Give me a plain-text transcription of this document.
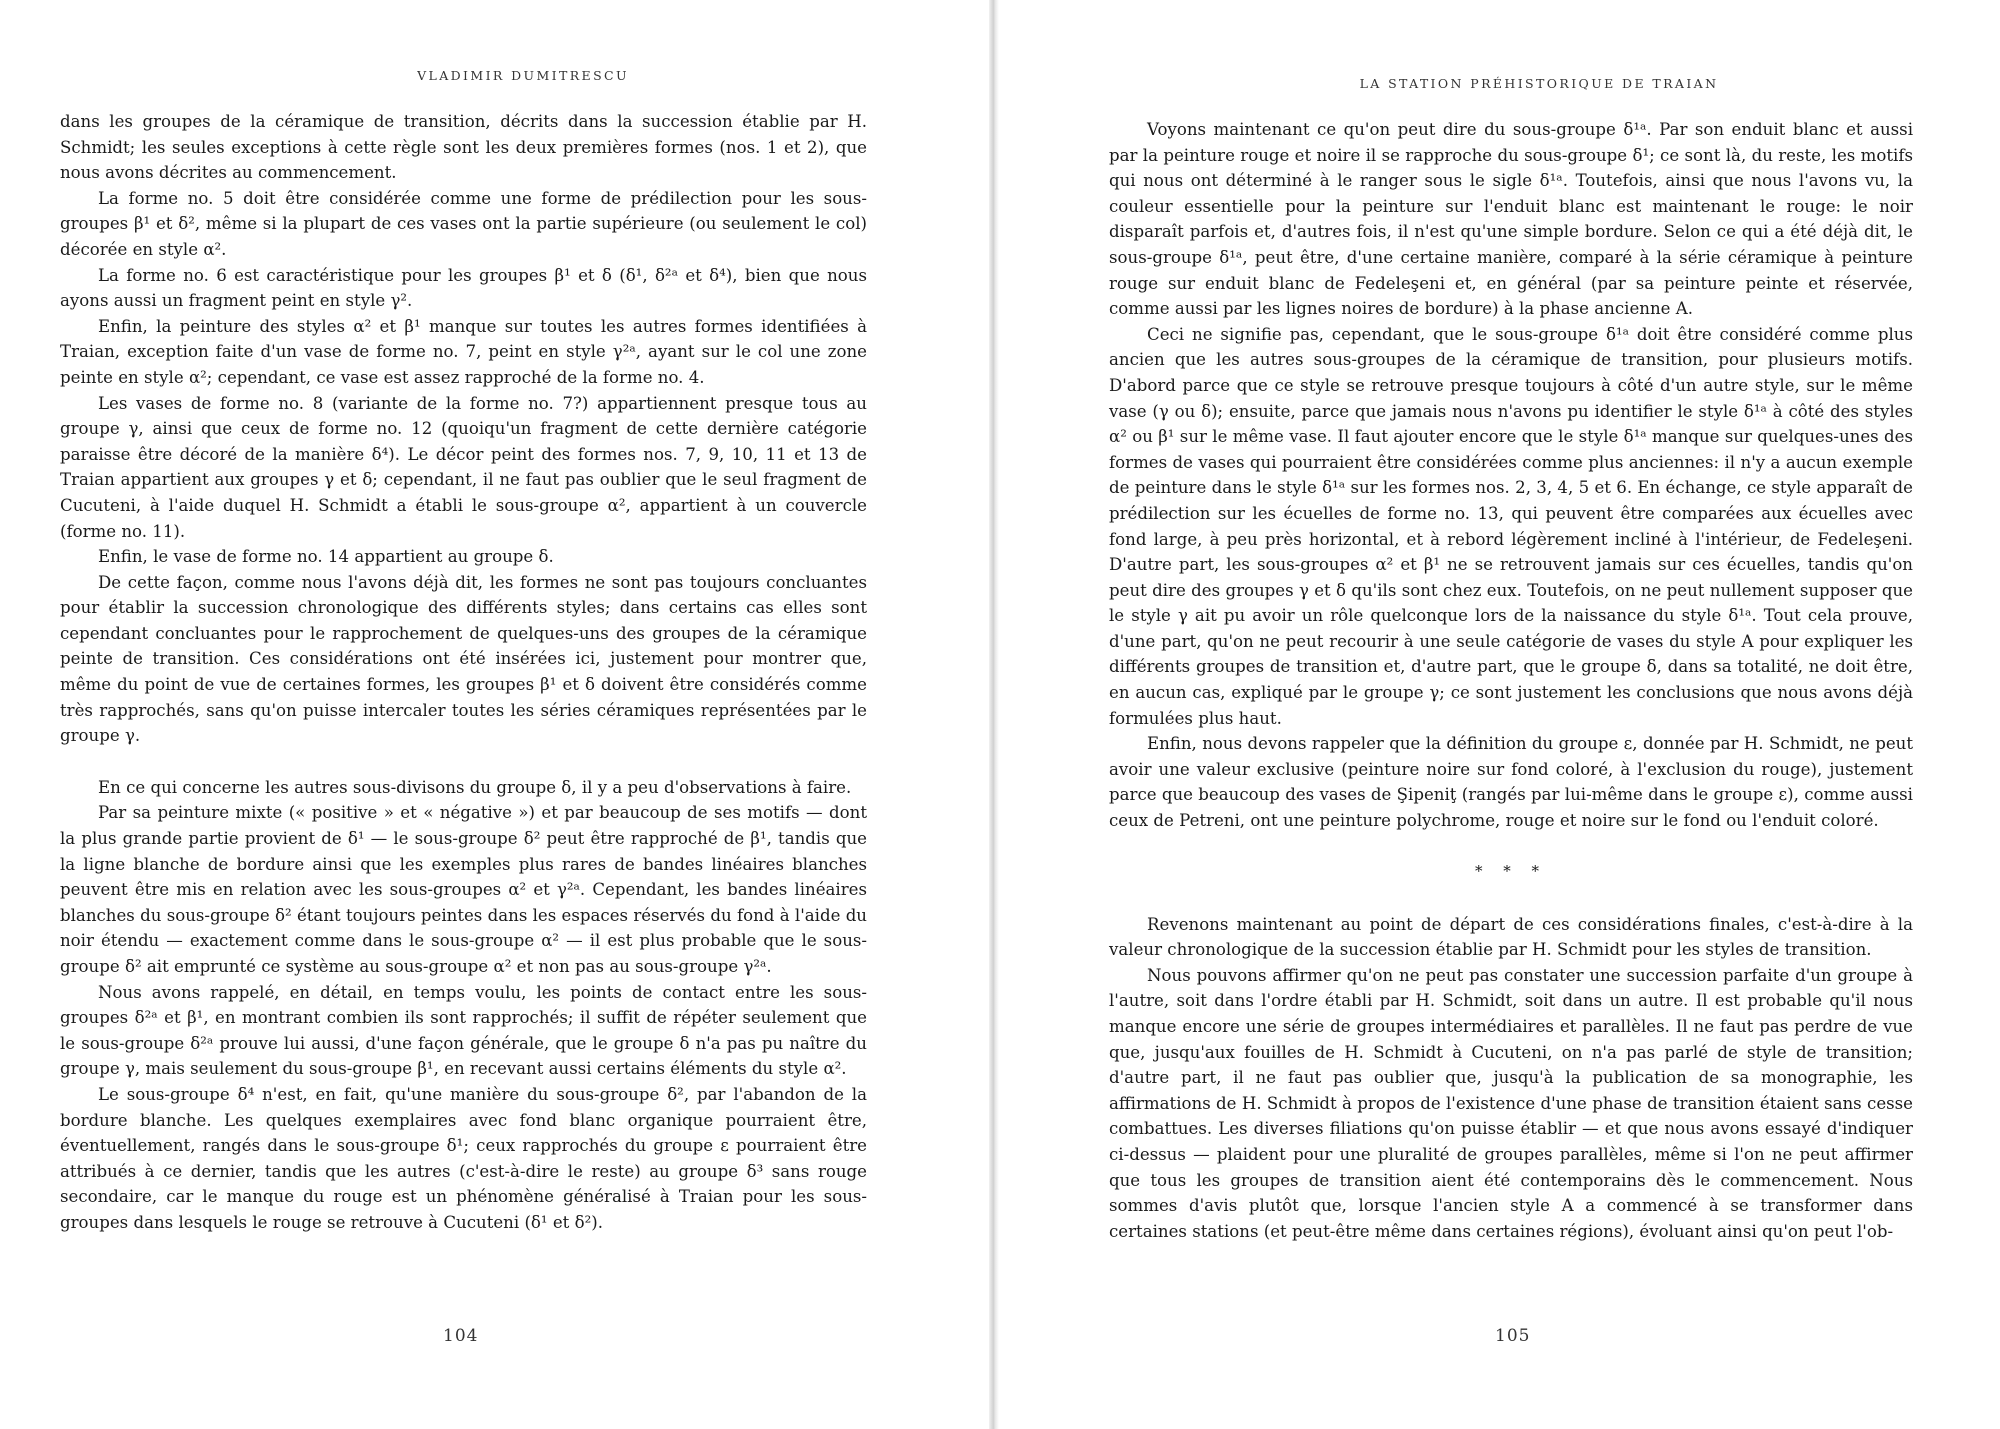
VLADIMIR DUMITRESCU

dans les groupes de la céramique de transition, décrits dans la succession établie par H. Schmidt; les seules exceptions à cette règle sont les deux premières formes (nos. 1 et 2), que nous avons décrites au commencement.

La forme no. 5 doit être considérée comme une forme de prédilection pour les sous-groupes β¹ et δ², même si la plupart de ces vases ont la partie supérieure (ou seulement le col) décorée en style α².

La forme no. 6 est caractéristique pour les groupes β¹ et δ (δ¹, δ²ᵃ et δ⁴), bien que nous ayons aussi un fragment peint en style γ².

Enfin, la peinture des styles α² et β¹ manque sur toutes les autres formes identifiées à Traian, exception faite d'un vase de forme no. 7, peint en style γ²ᵃ, ayant sur le col une zone peinte en style α²; cependant, ce vase est assez rapproché de la forme no. 4.

Les vases de forme no. 8 (variante de la forme no. 7?) appartiennent presque tous au groupe γ, ainsi que ceux de forme no. 12 (quoiqu'un fragment de cette dernière catégorie paraisse être décoré de la manière δ⁴). Le décor peint des formes nos. 7, 9, 10, 11 et 13 de Traian appartient aux groupes γ et δ; cependant, il ne faut pas oublier que le seul fragment de Cucuteni, à l'aide duquel H. Schmidt a établi le sous-groupe α², appartient à un couvercle (forme no. 11).

Enfin, le vase de forme no. 14 appartient au groupe δ.

De cette façon, comme nous l'avons déjà dit, les formes ne sont pas toujours concluantes pour établir la succession chronologique des différents styles; dans certains cas elles sont cependant concluantes pour le rapprochement de quelques-uns des groupes de la céramique peinte de transition. Ces considérations ont été insérées ici, justement pour montrer que, même du point de vue de certaines formes, les groupes β¹ et δ doivent être considérés comme très rapprochés, sans qu'on puisse intercaler toutes les séries céramiques représentées par le groupe γ.

En ce qui concerne les autres sous-divisons du groupe δ, il y a peu d'observations à faire.

Par sa peinture mixte (« positive » et « négative ») et par beaucoup de ses motifs — dont la plus grande partie provient de δ¹ — le sous-groupe δ² peut être rapproché de β¹, tandis que la ligne blanche de bordure ainsi que les exemples plus rares de bandes linéaires blanches peuvent être mis en relation avec les sous-groupes α² et γ²ᵃ. Cependant, les bandes linéaires blanches du sous-groupe δ² étant toujours peintes dans les espaces réservés du fond à l'aide du noir étendu — exactement comme dans le sous-groupe α² — il est plus probable que le sous-groupe δ² ait emprunté ce système au sous-groupe α² et non pas au sous-groupe γ²ᵃ.

Nous avons rappelé, en détail, en temps voulu, les points de contact entre les sous-groupes δ²ᵃ et β¹, en montrant combien ils sont rapprochés; il suffit de répéter seulement que le sous-groupe δ²ᵃ prouve lui aussi, d'une façon générale, que le groupe δ n'a pas pu naître du groupe γ, mais seulement du sous-groupe β¹, en recevant aussi certains éléments du style α².

Le sous-groupe δ⁴ n'est, en fait, qu'une manière du sous-groupe δ², par l'abandon de la bordure blanche. Les quelques exemplaires avec fond blanc organique pourraient être, éventuellement, rangés dans le sous-groupe δ¹; ceux rapprochés du groupe ε pourraient être attribués à ce dernier, tandis que les autres (c'est-à-dire le reste) au groupe δ³ sans rouge secondaire, car le manque du rouge est un phénomène généralisé à Traian pour les sous-groupes dans lesquels le rouge se retrouve à Cucuteni (δ¹ et δ²).

104
LA STATION PRÉHISTORIQUE DE TRAIAN

Voyons maintenant ce qu'on peut dire du sous-groupe δ¹ᵃ. Par son enduit blanc et aussi par la peinture rouge et noire il se rapproche du sous-groupe δ¹; ce sont là, du reste, les motifs qui nous ont déterminé à le ranger sous le sigle δ¹ᵃ. Toutefois, ainsi que nous l'avons vu, la couleur essentielle pour la peinture sur l'enduit blanc est maintenant le rouge: le noir disparaît parfois et, d'autres fois, il n'est qu'une simple bordure. Selon ce qui a été déjà dit, le sous-groupe δ¹ᵃ, peut être, d'une certaine manière, comparé à la série céramique à peinture rouge sur enduit blanc de Fedeleşeni et, en général (par sa peinture peinte et réservée, comme aussi par les lignes noires de bordure) à la phase ancienne A.

Ceci ne signifie pas, cependant, que le sous-groupe δ¹ᵃ doit être considéré comme plus ancien que les autres sous-groupes de la céramique de transition, pour plusieurs motifs. D'abord parce que ce style se retrouve presque toujours à côté d'un autre style, sur le même vase (γ ou δ); ensuite, parce que jamais nous n'avons pu identifier le style δ¹ᵃ à côté des styles α² ou β¹ sur le même vase. Il faut ajouter encore que le style δ¹ᵃ manque sur quelques-unes des formes de vases qui pourraient être considérées comme plus anciennes: il n'y a aucun exemple de peinture dans le style δ¹ᵃ sur les formes nos. 2, 3, 4, 5 et 6. En échange, ce style apparaît de prédilection sur les écuelles de forme no. 13, qui peuvent être comparées aux écuelles avec fond large, à peu près horizontal, et à rebord légèrement incliné à l'intérieur, de Fedeleşeni. D'autre part, les sous-groupes α² et β¹ ne se retrouvent jamais sur ces écuelles, tandis qu'on peut dire des groupes γ et δ qu'ils sont chez eux. Toutefois, on ne peut nullement supposer que le style γ ait pu avoir un rôle quelconque lors de la naissance du style δ¹ᵃ. Tout cela prouve, d'une part, qu'on ne peut recourir à une seule catégorie de vases du style A pour expliquer les différents groupes de transition et, d'autre part, que le groupe δ, dans sa totalité, ne doit être, en aucun cas, expliqué par le groupe γ; ce sont justement les conclusions que nous avons déjà formulées plus haut.

Enfin, nous devons rappeler que la définition du groupe ε, donnée par H. Schmidt, ne peut avoir une valeur exclusive (peinture noire sur fond coloré, à l'exclusion du rouge), justement parce que beaucoup des vases de Şipeniţ (rangés par lui-même dans le groupe ε), comme aussi ceux de Petreni, ont une peinture polychrome, rouge et noire sur le fond ou l'enduit coloré.

* * *

Revenons maintenant au point de départ de ces considérations finales, c'est-à-dire à la valeur chronologique de la succession établie par H. Schmidt pour les styles de transition.

Nous pouvons affirmer qu'on ne peut pas constater une succession parfaite d'un groupe à l'autre, soit dans l'ordre établi par H. Schmidt, soit dans un autre. Il est probable qu'il nous manque encore une série de groupes intermédiaires et parallèles. Il ne faut pas perdre de vue que, jusqu'aux fouilles de H. Schmidt à Cucuteni, on n'a pas parlé de style de transition; d'autre part, il ne faut pas oublier que, jusqu'à la publication de sa monographie, les affirmations de H. Schmidt à propos de l'existence d'une phase de transition étaient sans cesse combattues. Les diverses filiations qu'on puisse établir — et que nous avons essayé d'indiquer ci-dessus — plaident pour une pluralité de groupes parallèles, même si l'on ne peut affirmer que tous les groupes de transition aient été contemporains dès le commencement. Nous sommes d'avis plutôt que, lorsque l'ancien style A a commencé à se transformer dans certaines stations (et peut-être même dans certaines régions), évoluant ainsi qu'on peut l'ob-

105
